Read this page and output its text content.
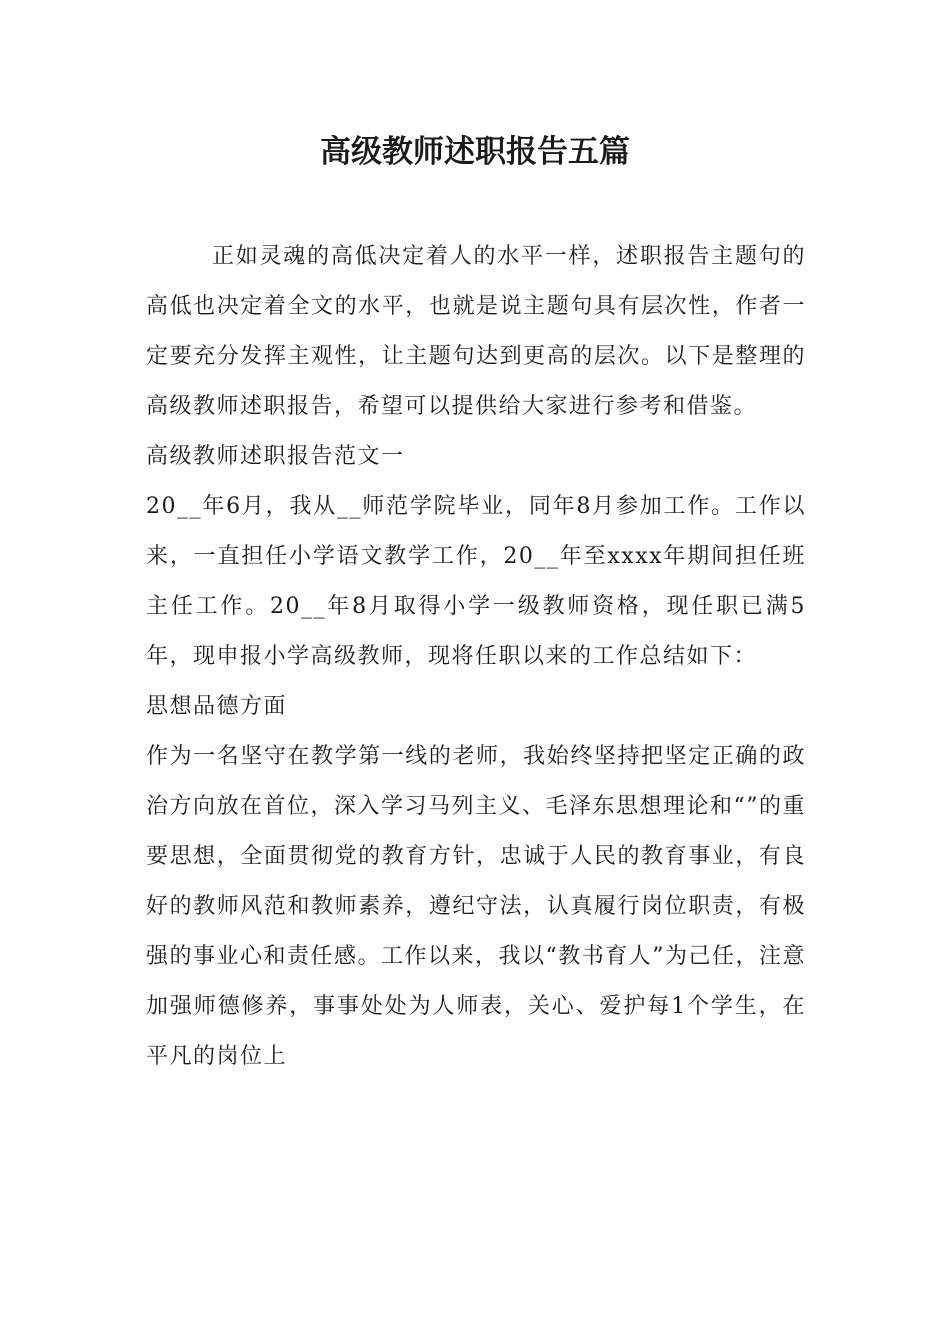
高级教师述职报告五篇

正如灵魂的高低决定着人的水平一样，述职报告主题句的高低也决定着全文的水平，也就是说主题句具有层次性，作者一定要充分发挥主观性，让主题句达到更高的层次。以下是整理的高级教师述职报告，希望可以提供给大家进行参考和借鉴。

高级教师述职报告范文一

20__年6月，我从__师范学院毕业，同年8月参加工作。工作以来，一直担任小学语文教学工作，20__年至xxxx年期间担任班主任工作。20__年8月取得小学一级教师资格，现任职已满5年，现申报小学高级教师，现将任职以来的工作总结如下：

思想品德方面

作为一名坚守在教学第一线的老师，我始终坚持把坚定正确的政治方向放在首位，深入学习马列主义、毛泽东思想理论和“”的重要思想，全面贯彻党的教育方针，忠诚于人民的教育事业，有良好的教师风范和教师素养，遵纪守法，认真履行岗位职责，有极强的事业心和责任感。工作以来，我以“教书育人”为己任，注意加强师德修养，事事处处为人师表，关心、爱护每1个学生，在平凡的岗位上
